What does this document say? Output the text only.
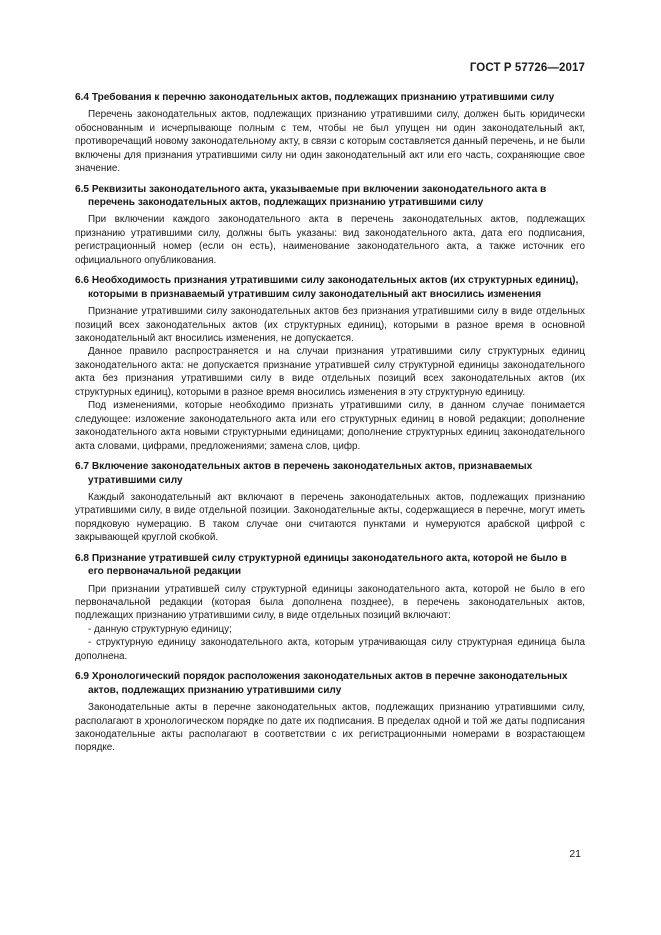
ГОСТ Р 57726—2017
6.4 Требования к перечню законодательных актов, подлежащих признанию утратившими силу

Перечень законодательных актов, подлежащих признанию утратившими силу, должен быть юридически обоснованным и исчерпывающе полным с тем, чтобы не был упущен ни один законодательный акт, противоречащий новому законодательному акту, в связи с которым составляется данный перечень, и не были включены для признания утратившими силу ни один законодательный акт или его часть, сохраняющие свое значение.

6.5 Реквизиты законодательного акта, указываемые при включении законодательного акта в перечень законодательных актов, подлежащих признанию утратившими силу

При включении каждого законодательного акта в перечень законодательных актов, подлежащих признанию утратившими силу, должны быть указаны: вид законодательного акта, дата его подписания, регистрационный номер (если он есть), наименование законодательного акта, а также источник его официального опубликования.

6.6 Необходимость признания утратившими силу законодательных актов (их структурных единиц), которыми в признаваемый утратившим силу законодательный акт вносились изменения

Признание утратившими силу законодательных актов без признания утратившими силу в виде отдельных позиций всех законодательных актов (их структурных единиц), которыми в разное время в основной законодательный акт вносились изменения, не допускается.

Данное правило распространяется и на случаи признания утратившими силу структурных единиц законодательного акта: не допускается признание утратившей силу структурной единицы законодательного акта без признания утратившими силу в виде отдельных позиций всех законодательных актов (их структурных единиц), которыми в разное время вносились изменения в эту структурную единицу.

Под изменениями, которые необходимо признать утратившими силу, в данном случае понимается следующее: изложение законодательного акта или его структурных единиц в новой редакции; дополнение законодательного акта новыми структурными единицами; дополнение структурных единиц законодательного акта словами, цифрами, предложениями; замена слов, цифр.

6.7 Включение законодательных актов в перечень законодательных актов, признаваемых утратившими силу

Каждый законодательный акт включают в перечень законодательных актов, подлежащих признанию утратившими силу, в виде отдельной позиции. Законодательные акты, содержащиеся в перечне, могут иметь порядковую нумерацию. В таком случае они считаются пунктами и нумеруются арабской цифрой с закрывающей круглой скобкой.

6.8 Признание утратившей силу структурной единицы законодательного акта, которой не было в его первоначальной редакции

При признании утратившей силу структурной единицы законодательного акта, которой не было в его первоначальной редакции (которая была дополнена позднее), в перечень законодательных актов, подлежащих признанию утратившими силу, в виде отдельных позиций включают:

- данную структурную единицу;

- структурную единицу законодательного акта, которым утрачивающая силу структурная единица была дополнена.

6.9 Хронологический порядок расположения законодательных актов в перечне законодательных актов, подлежащих признанию утратившими силу

Законодательные акты в перечне законодательных актов, подлежащих признанию утратившими силу, располагают в хронологическом порядке по дате их подписания. В пределах одной и той же даты подписания законодательные акты располагают в соответствии с их регистрационными номерами в возрастающем порядке.

21
